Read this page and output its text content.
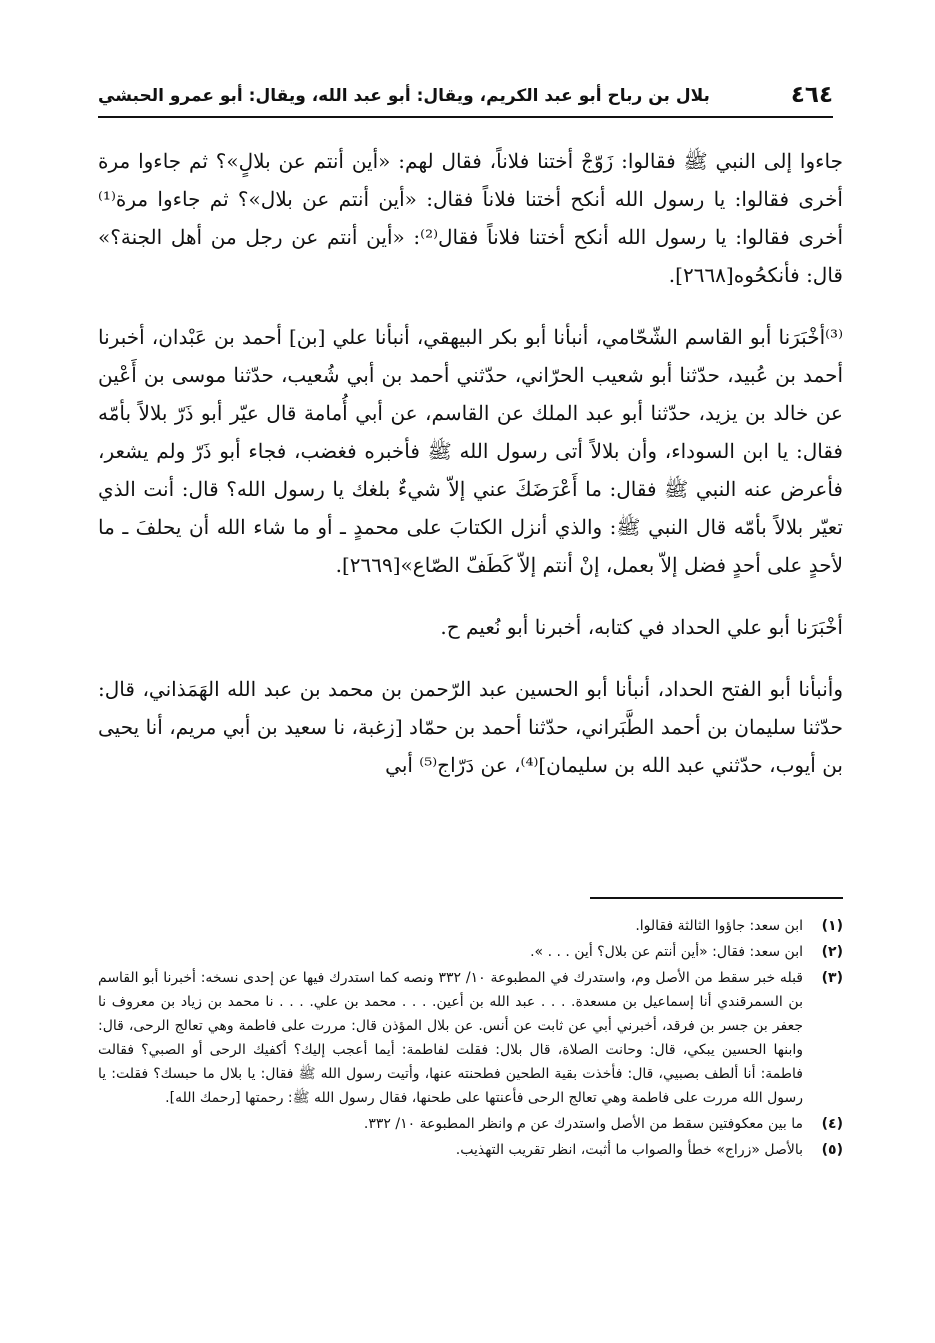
٤٦٤
بلال بن رباح أبو عبد الكريم، ويقال: أبو عبد الله، ويقال: أبو عمرو الحبشي

جاءوا إلى النبي ﷺ فقالوا: زَوّجْ أختنا فلاناً، فقال لهم: «أين أنتم عن بلالٍ»؟ ثم جاءوا مرة أخرى فقالوا: يا رسول الله أنكح أختنا فلاناً فقال: «أين أنتم عن بلال»؟ ثم جاءوا مرة⁽¹⁾ أخرى فقالوا: يا رسول الله أنكح أختنا فلاناً فقال⁽²⁾: «أين أنتم عن رجل من أهل الجنة؟» قال: فأنكحُوه[٢٦٦٨].

⁽³⁾أخْبَرَنا أبو القاسم الشّحّامي، أنبأنا أبو بكر البيهقي، أنبأنا علي [بن] أحمد بن عَبْدان، أخبرنا أحمد بن عُبيد، حدّثنا أبو شعيب الحرّاني، حدّثني أحمد بن أبي شُعيب، حدّثنا موسى بن أَعْين عن خالد بن يزيد، حدّثنا أبو عبد الملك عن القاسم، عن أبي أُمامة قال عيّر أبو ذَرّ بلالاً بأمّه فقال: يا ابن السوداء، وأن بلالاً أتى رسول الله ﷺ فأخبره فغضب، فجاء أبو ذَرّ ولم يشعر، فأعرض عنه النبي ﷺ فقال: ما أَعْرَضَكَ عني إلاّ شيءٌ بلغك يا رسول الله؟ قال: أنت الذي تعيّر بلالاً بأمّه قال النبي ﷺ: والذي أنزل الكتابَ على محمدٍ ـ أو ما شاء الله أن يحلفَ ـ ما لأحدٍ على أحدٍ فضل إلاّ بعمل، إنْ أنتم إلاّ كَطَفّ الصّاع»[٢٦٦٩].

أخْبَرَنا أبو علي الحداد في كتابه، أخبرنا أبو نُعيم ح.

وأنبأنا أبو الفتح الحداد، أنبأنا أبو الحسين عبد الرّحمن بن محمد بن عبد الله الهَمَذاني، قال: حدّثنا سليمان بن أحمد الطَّبَراني، حدّثنا أحمد بن حمّاد [زغبة، نا سعيد بن أبي مريم، أنا يحيى بن أيوب، حدّثني عبد الله بن سليمان]⁽⁴⁾، عن دَرّاج⁽⁵⁾ أبي

(١)
ابن سعد: جاؤوا الثالثة فقالوا.
(٢)
ابن سعد: فقال: «أين أنتم عن بلال؟ أين . . . ».
(٣)
قبله خبر سقط من الأصل وم، واستدرك في المطبوعة ١٠/ ٣٣٢ ونصه كما استدرك فيها عن إحدى نسخه: أخبرنا أبو القاسم بن السمرقندي أنا إسماعيل بن مسعدة. . . . عبد الله بن أعين. . . . محمد بن علي. . . . نا محمد بن زياد بن معروف نا جعفر بن جسر بن فرقد، أخبرني أبي عن ثابت عن أنس. عن بلال المؤذن قال: مررت على فاطمة وهي تعالج الرحى، قال: وابنها الحسين يبكي، قال: وحانت الصلاة، قال بلال: فقلت لفاطمة: أيما أعجب إليك؟ أكفيك الرحى أو الصبي؟ فقالت فاطمة: أنا ألطف بصبيي، قال: فأخذت بقية الطحين فطحنته عنها، وأتيت رسول الله ﷺ فقال: يا بلال ما حبسك؟ فقلت: يا رسول الله مررت على فاطمة وهي تعالج الرحى فأعنتها على طحنها، فقال رسول الله ﷺ: رحمتها [رحمك الله].
(٤)
ما بين معكوفتين سقط من الأصل واستدرك عن م وانظر المطبوعة ١٠/ ٣٣٢.
(٥)
بالأصل «زراج» خطأ والصواب ما أثبت، انظر تقريب التهذيب.
